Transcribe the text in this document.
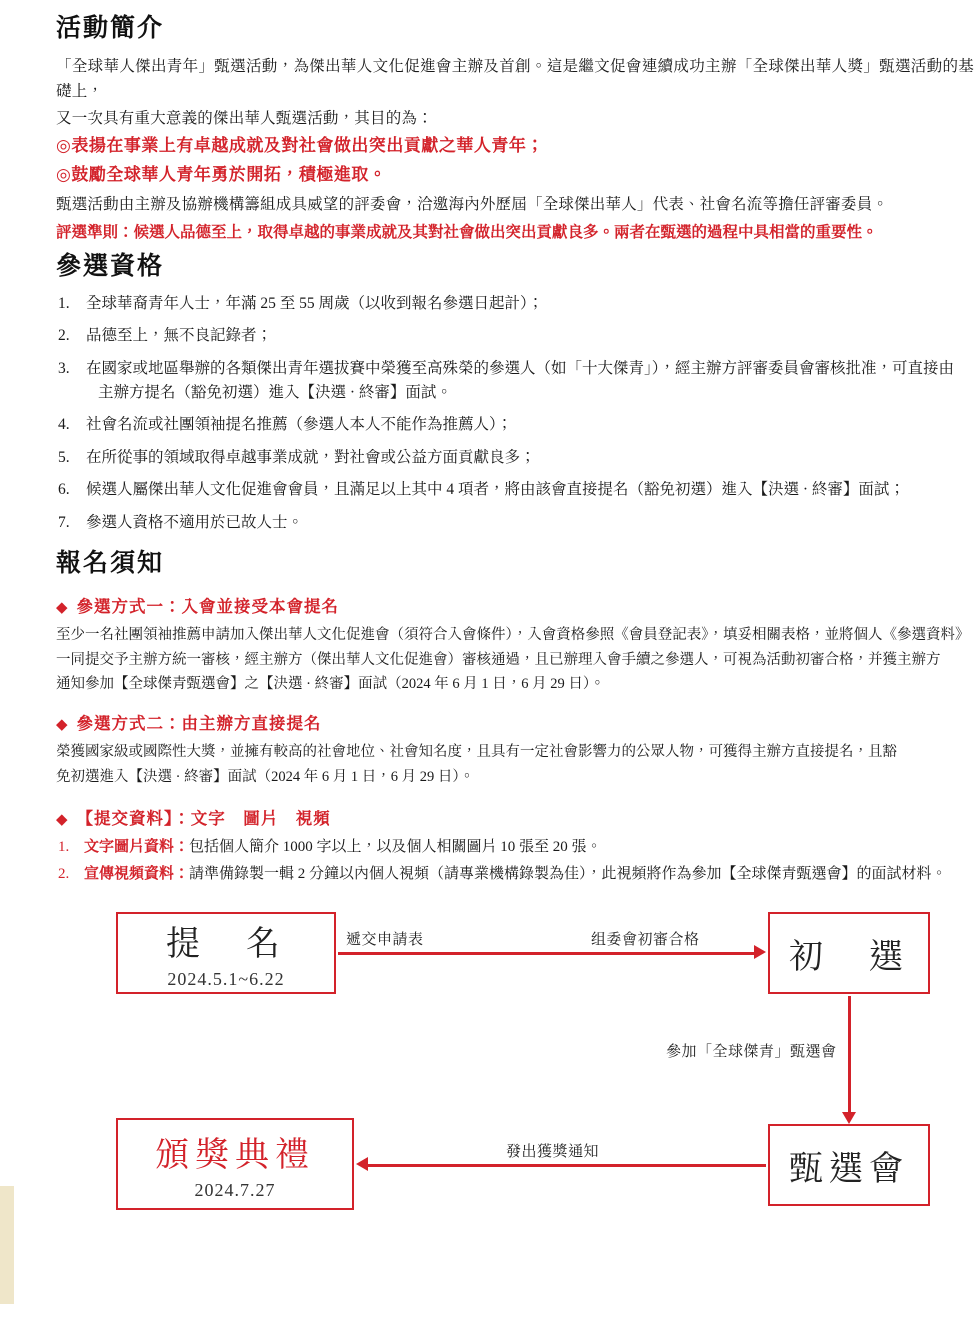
活動簡介

「全球華人傑出青年」甄選活動，為傑出華人文化促進會主辦及首創。這是繼文促會連續成功主辦「全球傑出華人獎」甄選活動的基礎上，

又一次具有重大意義的傑出華人甄選活動，其目的為：

◎表揚在事業上有卓越成就及對社會做出突出貢獻之華人青年；

◎鼓勵全球華人青年勇於開拓，積極進取。

甄選活動由主辦及協辦機構籌組成具威望的評委會，洽邀海內外歷屆「全球傑出華人」代表、社會名流等擔任評審委員。

評選準則：候選人品德至上，取得卓越的事業成就及其對社會做出突出貢獻良多。兩者在甄選的過程中具相當的重要性。

參選資格
1. 全球華裔青年人士，年滿 25 至 55 周歲（以收到報名參選日起計）；
2. 品德至上，無不良記錄者；
3. 在國家或地區舉辦的各類傑出青年選拔賽中榮獲至高殊榮的參選人（如「十大傑青」），經主辦方評審委員會審核批准，可直接由
主辦方提名（豁免初選）進入【決選 · 終審】面試。
4. 社會名流或社團領袖提名推薦（參選人本人不能作為推薦人）；
5. 在所從事的領域取得卓越事業成就，對社會或公益方面貢獻良多；
6. 候選人屬傑出華人文化促進會會員，且滿足以上其中 4 項者，將由該會直接提名（豁免初選）進入【決選 · 終審】面試；
7. 參選人資格不適用於已故人士。
報名須知
◆ 參選方式一：入會並接受本會提名

至少一名社團領袖推薦申請加入傑出華人文化促進會（須符合入會條件），入會資格參照《會員登記表》，填妥相關表格，並將個人《參選資料》

一同提交予主辦方統一審核，經主辦方（傑出華人文化促進會）審核通過，且已辦理入會手續之參選人，可視為活動初審合格，并獲主辦方

通知參加【全球傑青甄選會】之【決選 · 終審】面試（2024 年 6 月 1 日，6 月 29 日）。

◆ 參選方式二：由主辦方直接提名

榮獲國家級或國際性大獎，並擁有較高的社會地位、社會知名度，且具有一定社會影響力的公眾人物，可獲得主辦方直接提名，且豁

免初選進入【決選 · 終審】面試（2024 年 6 月 1 日，6 月 29 日）。

◆ 【提交資料】：文字　圖片　視頻
1. 文字圖片資料：包括個人簡介 1000 字以上，以及個人相關圖片 10 張至 20 張。
2. 宣傳視頻資料：請準備錄製一輯 2 分鐘以內個人視頻（請專業機構錄製為佳），此視頻將作為參加【全球傑青甄選會】的面試材料。
提　名
2024.5.1~6.22
初　選
甄選會
頒獎典禮
2024.7.27
遞交申請表	组委會初審合格
參加「全球傑青」甄選會
發出獲獎通知
